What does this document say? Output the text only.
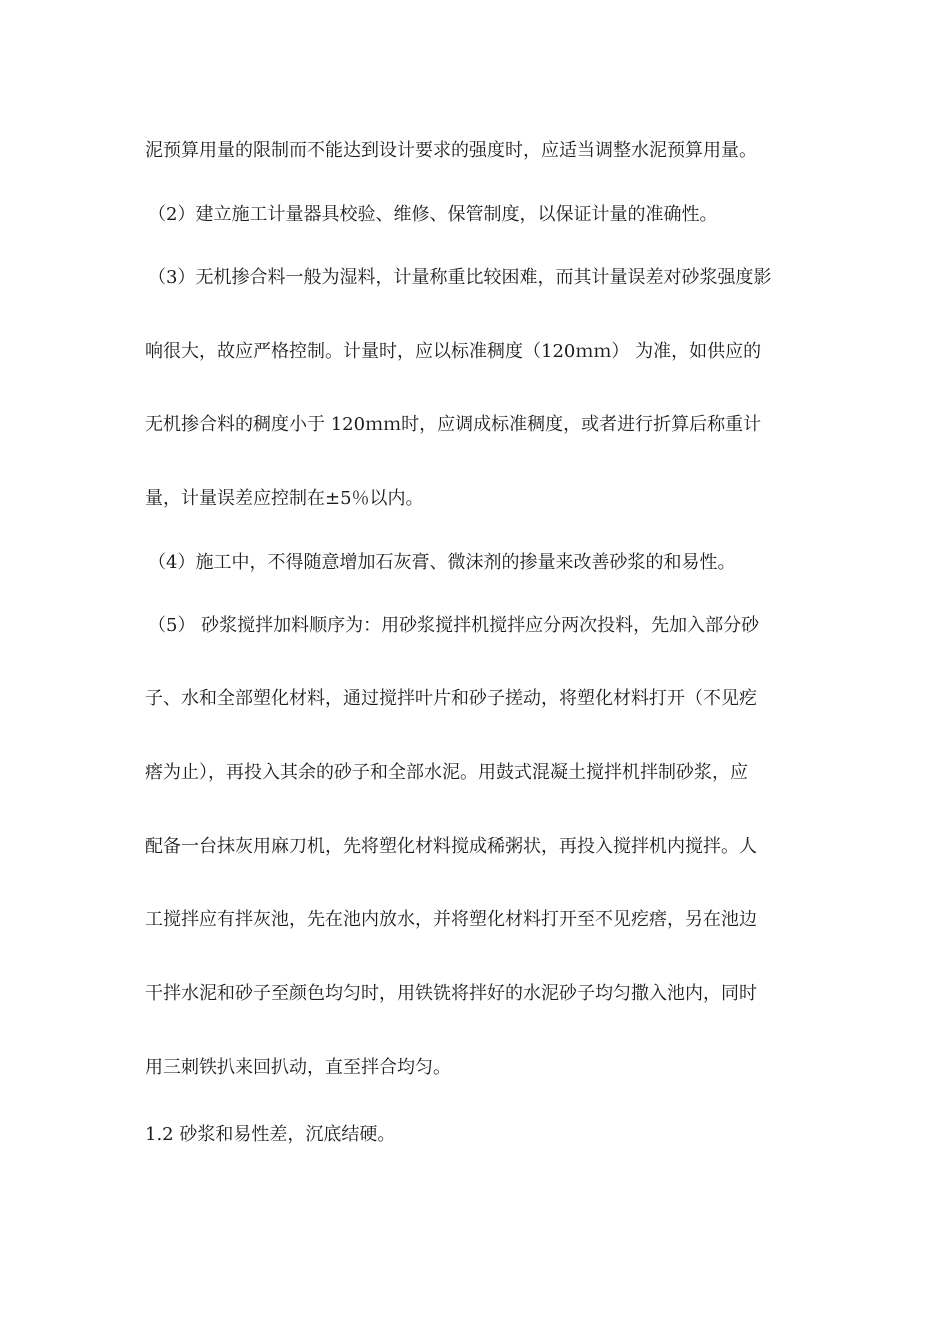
泥预算用量的限制而不能达到设计要求的强度时，应适当调整水泥预算用量。
（2）建立施工计量器具校验、维修、保管制度，以保证计量的准确性。
（3）无机掺合料一般为湿料，计量称重比较困难，而其计量误差对砂浆强度影
响很大，故应严格控制。计量时，应以标准稠度（120ｍｍ） 为准，如供应的
无机掺合料的稠度小于 120ｍｍ时，应调成标准稠度，或者进行折算后称重计
量，计量误差应控制在±5％以内。
（4）施工中，不得随意增加石灰膏、微沫剂的掺量来改善砂浆的和易性。
（5） 砂浆搅拌加料顺序为：用砂浆搅拌机搅拌应分两次投料，先加入部分砂
子、水和全部塑化材料，通过搅拌叶片和砂子搓动，将塑化材料打开（不见疙
瘩为止），再投入其余的砂子和全部水泥。用鼓式混凝土搅拌机拌制砂浆，应
配备一台抹灰用麻刀机，先将塑化材料搅成稀粥状，再投入搅拌机内搅拌。人
工搅拌应有拌灰池，先在池内放水，并将塑化材料打开至不见疙瘩，另在池边
干拌水泥和砂子至颜色均匀时，用铁铣将拌好的水泥砂子均匀撒入池内，同时
用三刺铁扒来回扒动，直至拌合均匀。
1.2 砂浆和易性差，沉底结硬。
